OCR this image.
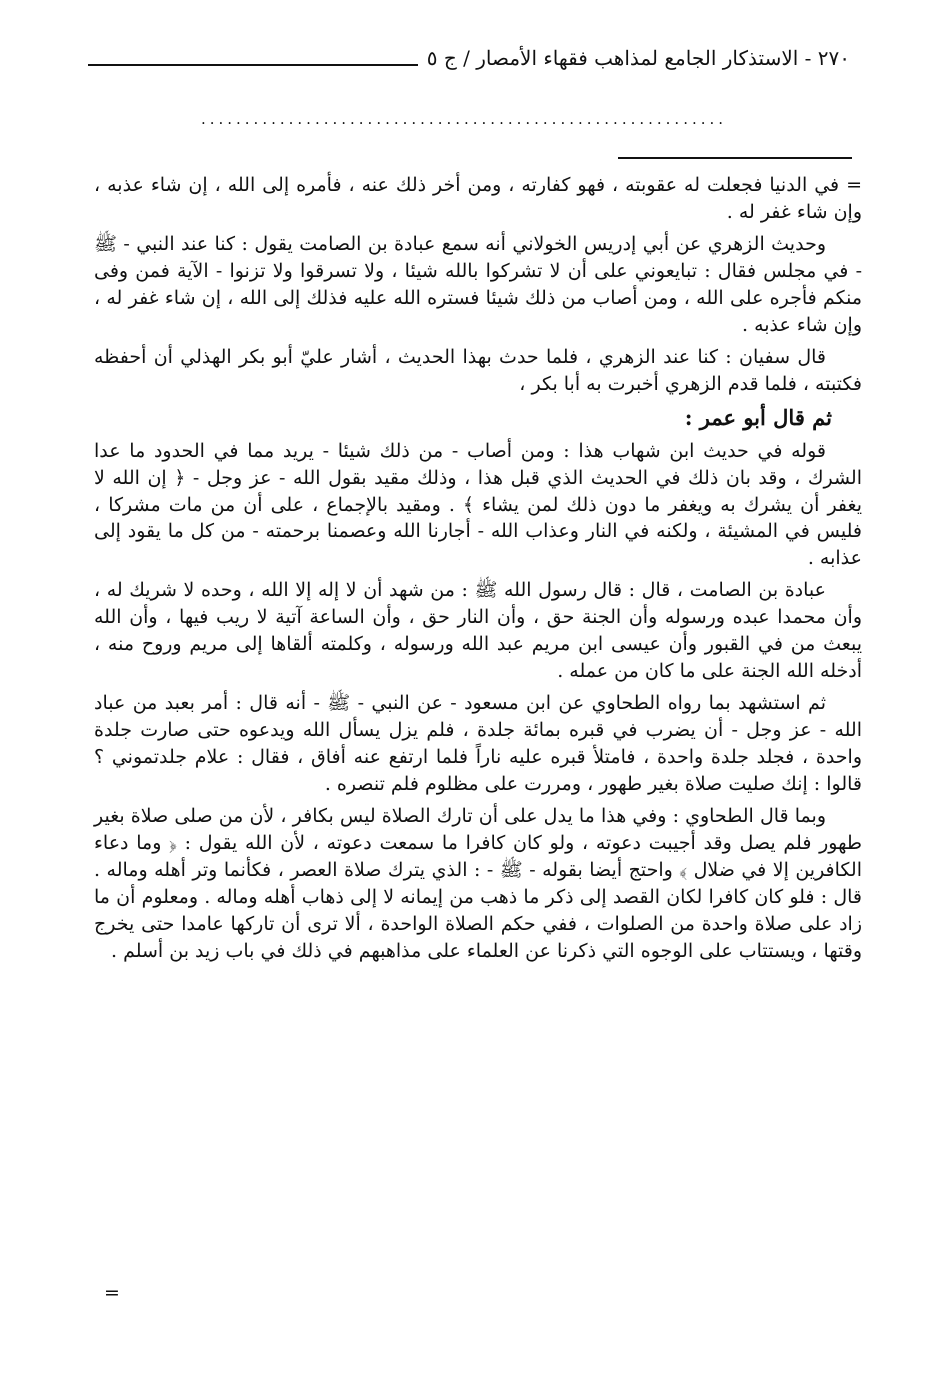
٢٧٠ - الاستذكار الجامع لمذاهب فقهاء الأمصار / ج ٥
............................................................

= في الدنيا فجعلت له عقوبته ، فهو كفارته ، ومن أخر ذلك عنه ، فأمره إلى الله ، إن شاء عذبه ، وإن شاء غفر له .

وحديث الزهري عن أبي إدريس الخولاني أنه سمع عبادة بن الصامت يقول : كنا عند النبي - ﷺ - في مجلس فقال : تبايعوني على أن لا تشركوا بالله شيئا ، ولا تسرقوا ولا تزنوا - الآية فمن وفى منكم فأجره على الله ، ومن أصاب من ذلك شيئا فستره الله عليه فذلك إلى الله ، إن شاء غفر له ، وإن شاء عذبه .

قال سفيان : كنا عند الزهري ، فلما حدث بهذا الحديث ، أشار عليّ أبو بكر الهذلي أن أحفظه فكتبته ، فلما قدم الزهري أخبرت به أبا بكر ،

ثم قال أبو عمر :

قوله في حديث ابن شهاب هذا : ومن أصاب - من ذلك شيئا - يريد مما في الحدود ما عدا الشرك ، وقد بان ذلك في الحديث الذي قبل هذا ، وذلك مقيد بقول الله - عز وجل - ﴿ إن الله لا يغفر أن يشرك به ويغفر ما دون ذلك لمن يشاء ﴾ . ومقيد بالإجماع ، على أن من مات مشركا ، فليس في المشيئة ، ولكنه في النار وعذاب الله - أجارنا الله وعصمنا برحمته - من كل ما يقود إلى عذابه .

عبادة بن الصامت ، قال : قال رسول الله ﷺ : من شهد أن لا إله إلا الله ، وحده لا شريك له ، وأن محمدا عبده ورسوله وأن الجنة حق ، وأن النار حق ، وأن الساعة آتية لا ريب فيها ، وأن الله يبعث من في القبور وأن عيسى ابن مريم عبد الله ورسوله ، وكلمته ألقاها إلى مريم وروح منه ، أدخله الله الجنة على ما كان من عمله .

ثم استشهد بما رواه الطحاوي عن ابن مسعود - عن النبي - ﷺ - أنه قال : أمر بعبد من عباد الله - عز وجل - أن يضرب في قبره بمائة جلدة ، فلم يزل يسأل الله ويدعوه حتى صارت جلدة واحدة ، فجلد جلدة واحدة ، فامتلأ قبره عليه ناراً فلما ارتفع عنه أفاق ، فقال : علام جلدتموني ؟ قالوا : إنك صليت صلاة بغير طهور ، ومررت على مظلوم فلم تنصره .

وبما قال الطحاوي : وفي هذا ما يدل على أن تارك الصلاة ليس بكافر ، لأن من صلى صلاة بغير طهور فلم يصل وقد أجيبت دعوته ، ولو كان كافرا ما سمعت دعوته ، لأن الله يقول : ﴿ وما دعاء الكافرين إلا في ضلال ﴾ واحتج أيضا بقوله - ﷺ - : الذي يترك صلاة العصر ، فكأنما وتر أهله وماله . قال : فلو كان كافرا لكان القصد إلى ذكر ما ذهب من إيمانه لا إلى ذهاب أهله وماله . ومعلوم أن ما زاد على صلاة واحدة من الصلوات ، ففي حكم الصلاة الواحدة ، ألا ترى أن تاركها عامدا حتى يخرج وقتها ، ويستتاب على الوجوه التي ذكرنا عن العلماء على مذاهبهم في ذلك في باب زيد بن أسلم .

=
